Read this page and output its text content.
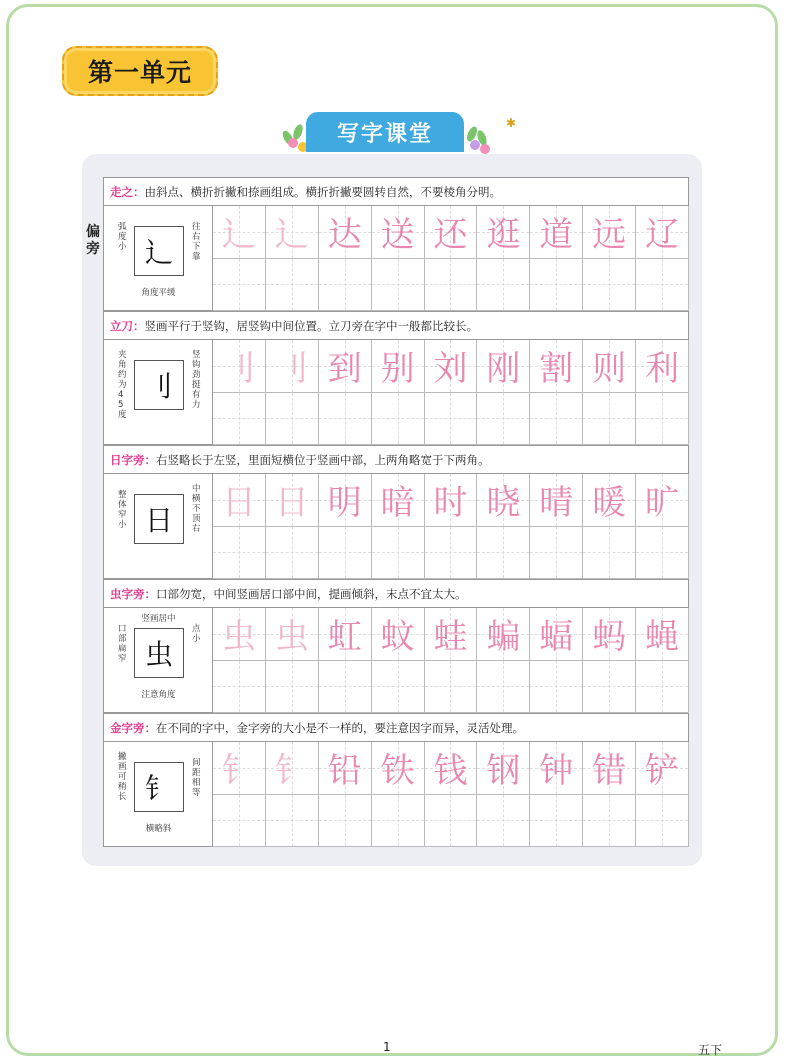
第一单元
写字课堂	✱
偏旁
走之：由斜点、横折折撇和捺画组成。横折折撇要圆转自然，不要棱角分明。
辶
弧度小
往右下靠
角度平缓
辶 辶 达 送 还 逛 道 远 辽
立刀：竖画平行于竖钩，居竖钩中间位置。立刀旁在字中一般都比较长。
刂
夹角约为45度
竖钩劲挺有力
刂 刂 到 别 刘 刚 割 则 利
日字旁：右竖略长于左竖，里面短横位于竖画中部，上两角略宽于下两角。
日
整体窄小
中横不顶右
日 日 明 暗 时 晓 晴 暖 旷
虫字旁：口部勿宽，中间竖画居口部中间，提画倾斜，末点不宜太大。
虫
口部扁窄
点小
注意角度
竖画居中	虫 虫 虹 蚊 蛙 蝙 蝠 蚂 蝇
金字旁：在不同的字中，金字旁的大小是不一样的，要注意因字而异，灵活处理。
钅
撇画可稍长
间距相等
横略斜
钅 钅 铅 铁 钱 钢 钟 错 铲
1	五下
